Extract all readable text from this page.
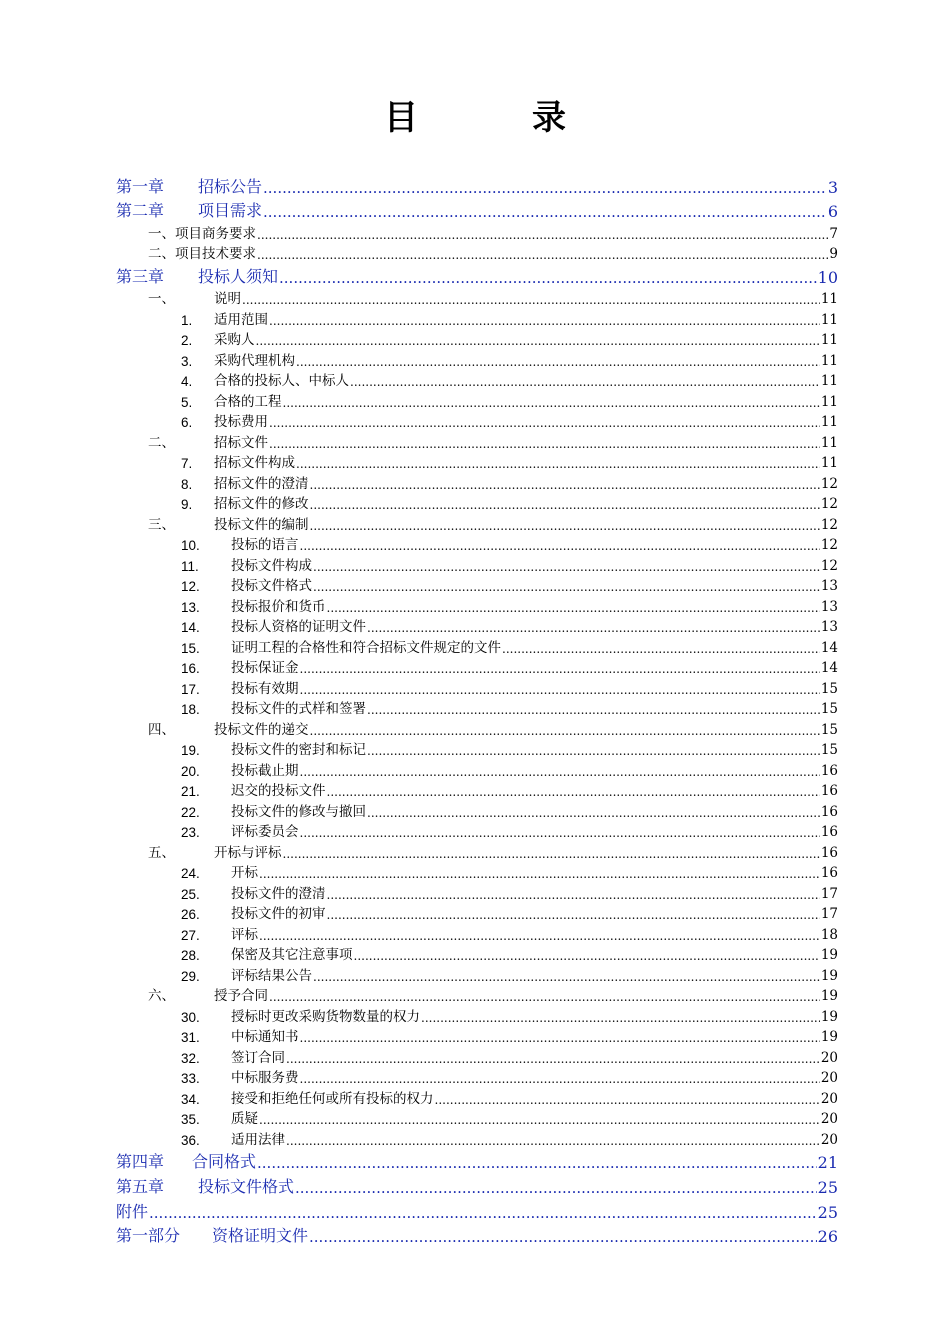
目　录
第一章	招标公告 .....	3
第二章	项目需求 .....	6
一、项目商务要求 .....	7
二、项目技术要求 .....	9
第三章	投标人须知 .....	10
一、	说明 .....	11
1.	适用范围 .....	11
2.	采购人 .....	11
3.	采购代理机构 .....	11
4.	合格的投标人、中标人 .....	11
5.	合格的工程 .....	11
6.	投标费用 .....	11
二、	招标文件 .....	11
7.	招标文件构成 .....	11
8.	招标文件的澄清 .....	12
9.	招标文件的修改 .....	12
三、	投标文件的编制 .....	12
10.	投标的语言 .....	12
11.	投标文件构成 .....	12
12.	投标文件格式 .....	13
13.	投标报价和货币 .....	13
14.	投标人资格的证明文件 .....	13
15.	证明工程的合格性和符合招标文件规定的文件 .....	14
16.	投标保证金 .....	14
17.	投标有效期 .....	15
18.	投标文件的式样和签署 .....	15
四、	投标文件的递交 .....	15
19.	投标文件的密封和标记 .....	15
20.	投标截止期 .....	16
21.	迟交的投标文件 .....	16
22.	投标文件的修改与撤回 .....	16
23.	评标委员会 .....	16
五、	开标与评标 .....	16
24.	开标 .....	16
25.	投标文件的澄清 .....	17
26.	投标文件的初审 .....	17
27.	评标 .....	18
28.	保密及其它注意事项 .....	19
29.	评标结果公告 .....	19
六、	授予合同 .....	19
30.	授标时更改采购货物数量的权力 .....	19
31.	中标通知书 .....	19
32.	签订合同 .....	20
33.	中标服务费 .....	20
34.	接受和拒绝任何或所有投标的权力 .....	20
35.	质疑 .....	20
36.	适用法律 .....	20
第四章	合同格式 .....	21
第五章	投标文件格式 .....	25
附件 .....	25
第一部分	资格证明文件 .....	26
